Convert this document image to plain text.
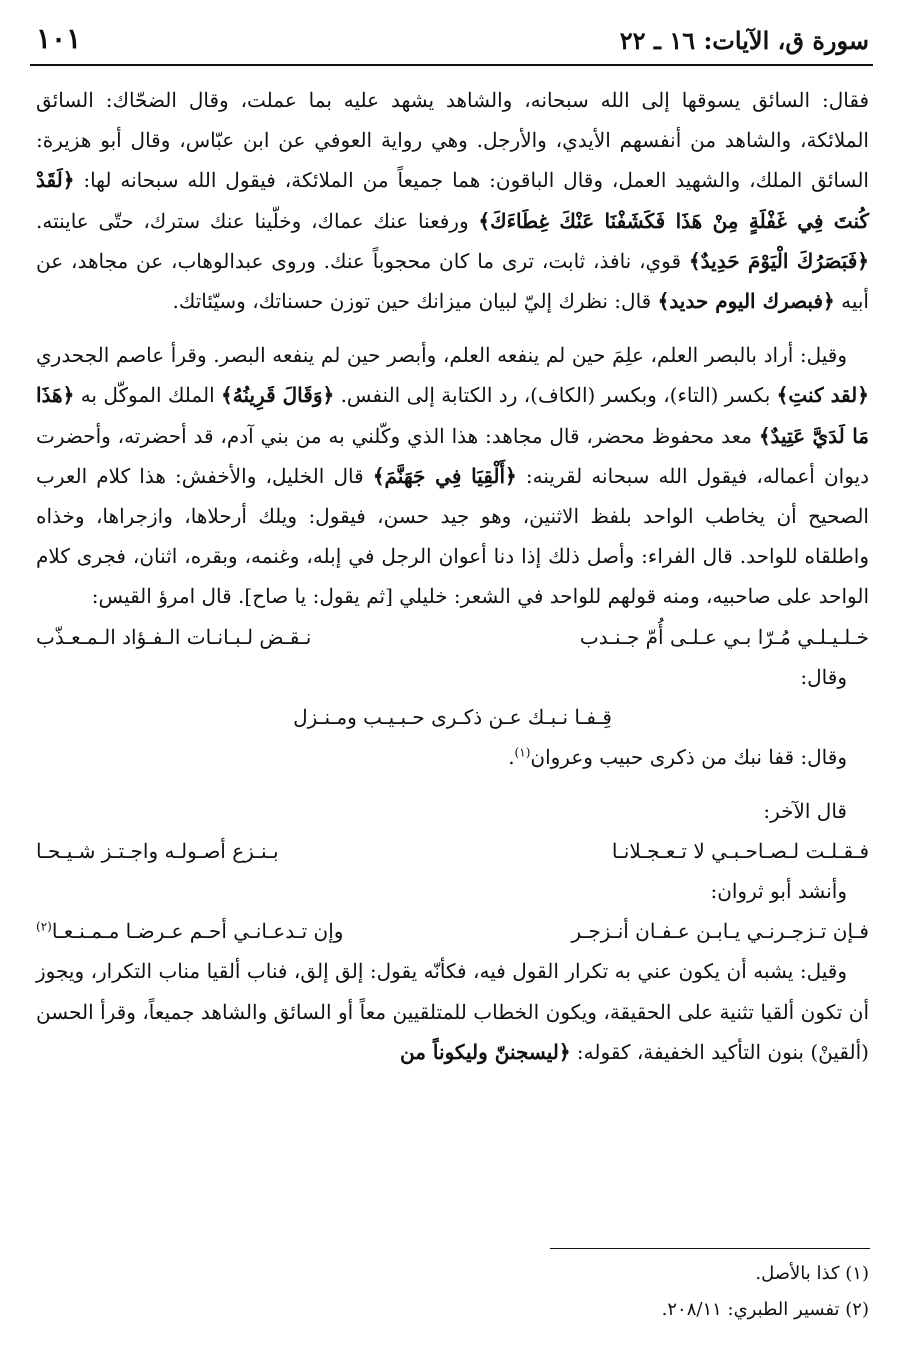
سورة ق، الآيات: ١٦ ـ ٢٢
١٠١

فقال: السائق يسوقها إلى الله سبحانه، والشاهد يشهد عليه بما عملت، وقال الضحّاك: السائق الملائكة، والشاهد من أنفسهم الأيدي، والأرجل. وهي رواية العوفي عن ابن عبّاس، وقال أبو هزيرة: السائق الملك، والشهيد العمل، وقال الباقون: هما جميعاً من الملائكة، فيقول الله سبحانه لها: ﴿لَقَدْ كُنتَ فِي غَفْلَةٍ مِنْ هَذَا فَكَشَفْنَا عَنْكَ غِطَاءَكَ﴾ ورفعنا عنك عماك، وخلّينا عنك سترك، حتّى عاينته. ﴿فَبَصَرُكَ الْيَوْمَ حَدِيدٌ﴾ قوي، نافذ، ثابت، ترى ما كان محجوباً عنك. وروى عبدالوهاب، عن مجاهد، عن أبيه ﴿فبصرك اليوم حديد﴾ قال: نظرك إليّ لبيان ميزانك حين توزن حسناتك، وسيّئاتك.

وقيل: أراد بالبصر العلم، علِمَ حين لم ينفعه العلم، وأبصر حين لم ينفعه البصر. وقرأ عاصم الجحدري ﴿لقد كنتِ﴾ بكسر (التاء)، وبكسر (الكاف)، رد الكتابة إلى النفس. ﴿وَقَالَ قَرِينُهُ﴾ الملك الموكّل به ﴿هَذَا مَا لَدَيَّ عَتِيدٌ﴾ معد محفوظ محضر، قال مجاهد: هذا الذي وكّلني به من بني آدم، قد أحضرته، وأحضرت ديوان أعماله، فيقول الله سبحانه لقرينه: ﴿أَلْقِيَا فِي جَهَنَّمَ﴾ قال الخليل، والأخفش: هذا كلام العرب الصحيح أن يخاطب الواحد بلفظ الاثنين، وهو جيد حسن، فيقول: ويلك أرحلاها، وازجراها، وخذاه واطلقاه للواحد. قال الفراء: وأصل ذلك إذا دنا أعوان الرجل في إبله، وغنمه، وبقره، اثنان، فجرى كلام الواحد على صاحبيه، ومنه قولهم للواحد في الشعر: خليلي [ثم يقول: يا صاح]. قال امرؤ القيس:

خـلـيـلـي مُـرّا بـي عـلـى أُمّ جـنـدب
نـقـض لـبـانـات الـفـؤاد الـمـعـذّب

وقال:

قِـفـا نـبـك عـن ذكـرى حـبـيـب ومـنـزل

وقال: قفا نبك من ذكرى حبيب وعروان$^{(١)}$.

قال الآخر:

فـقـلـت لـصـاحـبـي لا تـعـجـلانـا
بـنـزع أصـولـه واجـتـز شـيـحـا

وأنشد أبو ثروان:

فـإن تـزجـرنـي يـابـن عـفـان أنـزجـر
وإن تـدعـانـي أحـم عـرضـا مـمـنـعـا$^{(٢)}$

وقيل: يشبه أن يكون عني به تكرار القول فيه، فكأنّه يقول: إلق إلق، فناب ألقيا مناب التكرار، ويجوز أن تكون ألقيا تثنية على الحقيقة، ويكون الخطاب للمتلقيين معاً أو السائق والشاهد جميعاً، وقرأ الحسن (ألقينْ) بنون التأكيد الخفيفة، كقوله: ﴿ليسجننّ وليكوناً من

(١) كذا بالأصل.
(٢) تفسير الطبري: ٢٠٨/١١.
